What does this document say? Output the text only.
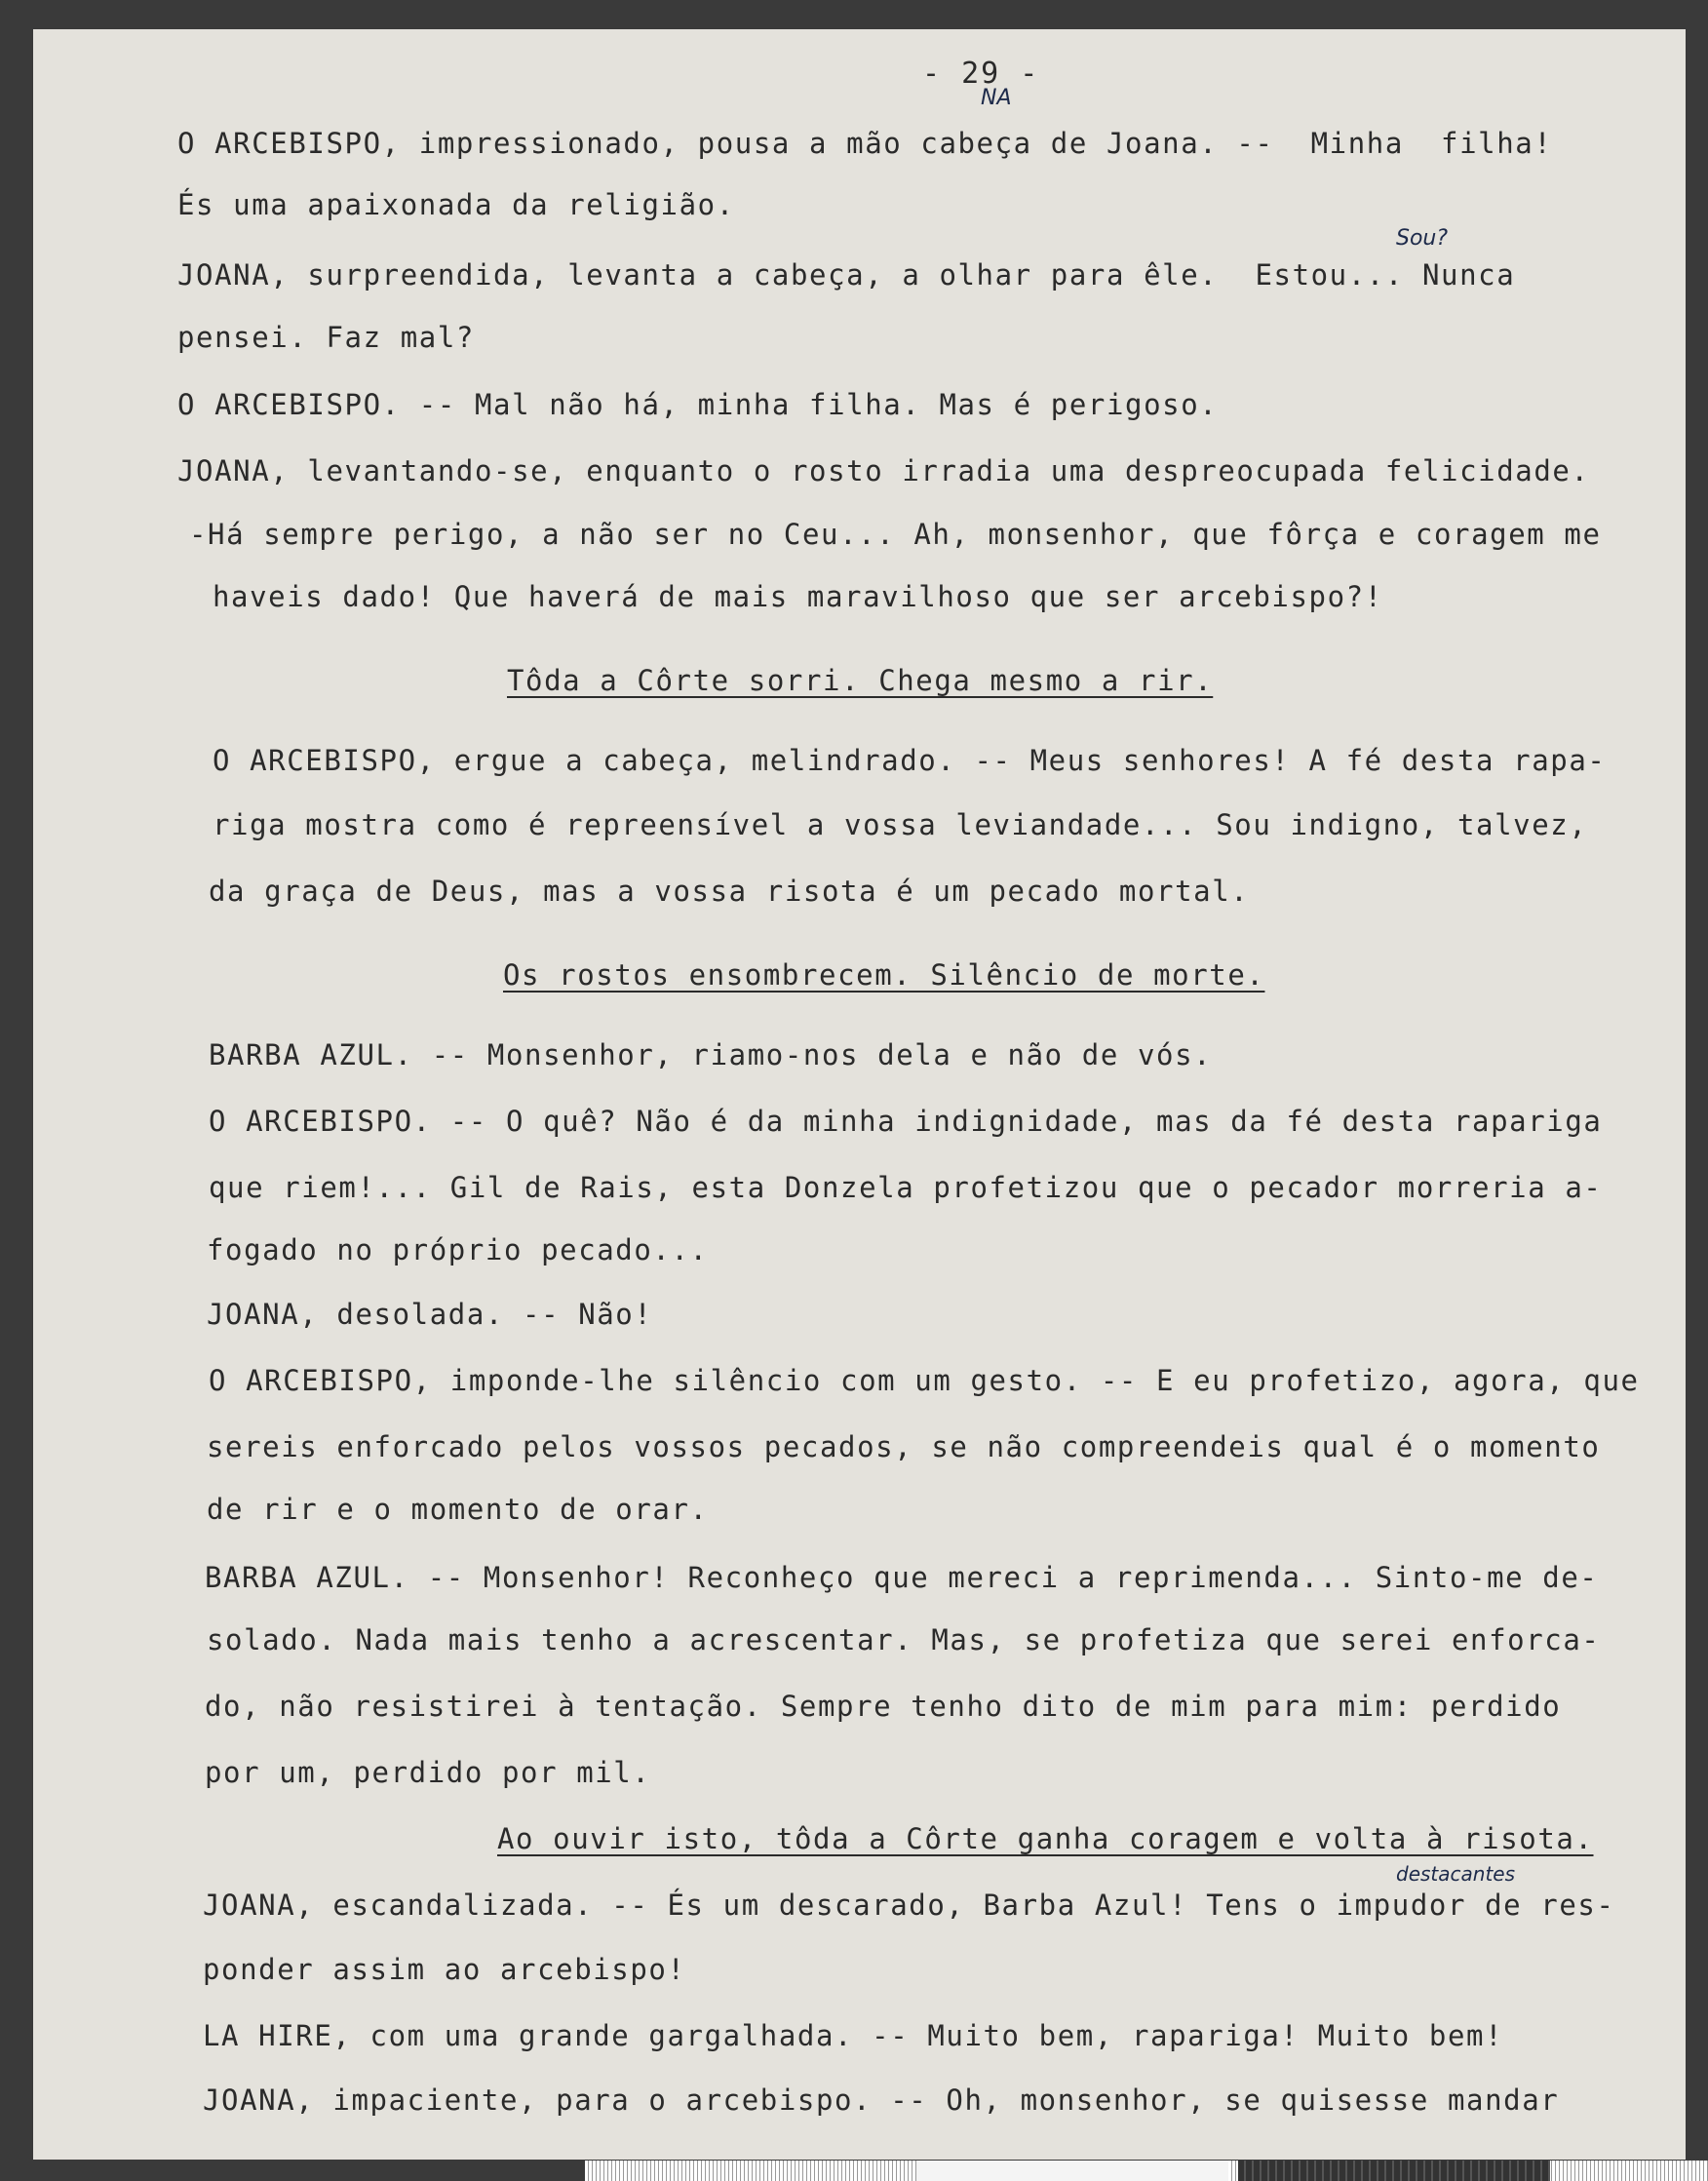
- 29 -
NA
Sou?
destacantes
O ARCEBISPO, impressionado, pousa a mão cabeça de Joana. --  Minha  filha!
És uma apaixonada da religião.
JOANA, surpreendida, levanta a cabeça, a olhar para êle.  Estou... Nunca
pensei. Faz mal?
O ARCEBISPO. -- Mal não há, minha filha. Mas é perigoso.
JOANA, levantando-se, enquanto o rosto irradia uma despreocupada felicidade.
-Há sempre perigo, a não ser no Ceu... Ah, monsenhor, que fôrça e coragem me
haveis dado! Que haverá de mais maravilhoso que ser arcebispo?!
Tôda a Côrte sorri. Chega mesmo a rir.
O ARCEBISPO, ergue a cabeça, melindrado. -- Meus senhores! A fé desta rapa-
riga mostra como é repreensível a vossa leviandade... Sou indigno, talvez,
da graça de Deus, mas a vossa risota é um pecado mortal.
Os rostos ensombrecem. Silêncio de morte.
BARBA AZUL. -- Monsenhor, riamo-nos dela e não de vós.
O ARCEBISPO. -- O quê? Não é da minha indignidade, mas da fé desta rapariga
que riem!... Gil de Rais, esta Donzela profetizou que o pecador morreria a-
fogado no próprio pecado...
JOANA, desolada. -- Não!
O ARCEBISPO, imponde-lhe silêncio com um gesto. -- E eu profetizo, agora, que
sereis enforcado pelos vossos pecados, se não compreendeis qual é o momento
de rir e o momento de orar.
BARBA AZUL. -- Monsenhor! Reconheço que mereci a reprimenda... Sinto-me de-
solado. Nada mais tenho a acrescentar. Mas, se profetiza que serei enforca-
do, não resistirei à tentação. Sempre tenho dito de mim para mim: perdido
por um, perdido por mil.
Ao ouvir isto, tôda a Côrte ganha coragem e volta à risota.
JOANA, escandalizada. -- És um descarado, Barba Azul! Tens o impudor de res-
ponder assim ao arcebispo!
LA HIRE, com uma grande gargalhada. -- Muito bem, rapariga! Muito bem!
JOANA, impaciente, para o arcebispo. -- Oh, monsenhor, se quisesse mandar
